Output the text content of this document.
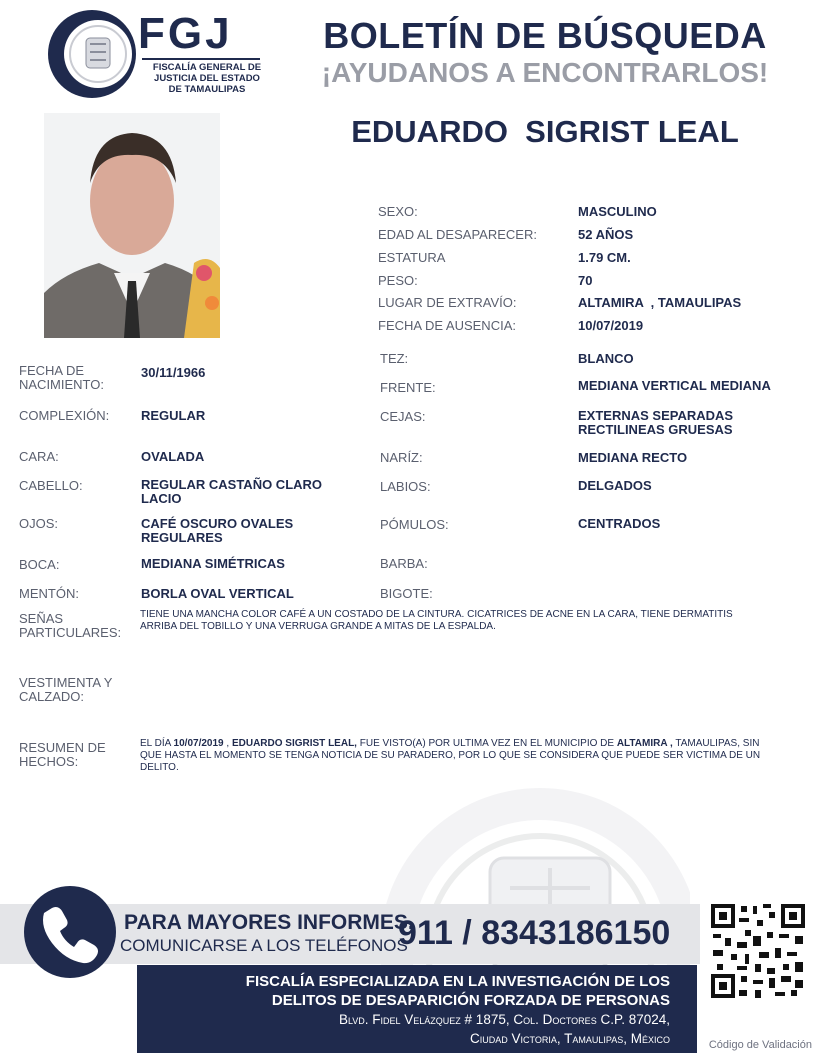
FGJ
FISCALÍA GENERAL DE
JUSTICIA DEL ESTADO
DE TAMAULIPAS
BOLETÍN DE BÚSQUEDA
¡AYUDANOS A ENCONTRARLOS!
EDUARDO  SIGRIST LEAL
SEXO:	MASCULINO
EDAD AL DESAPARECER:	52 AÑOS
ESTATURA	1.79 CM.
PESO:	70
LUGAR DE EXTRAVÍO:	ALTAMIRA  , TAMAULIPAS
FECHA DE AUSENCIA:	10/07/2019
FECHA DE
NACIMIENTO:
30/11/1966
COMPLEXIÓN: REGULAR
CARA:	OVALADA
CABELLO:	REGULAR CASTAÑO CLARO
LACIO
OJOS:	CAFÉ OSCURO OVALES
REGULARES
BOCA:	MEDIANA SIMÉTRICAS
MENTÓN:	BORLA OVAL VERTICAL
TEZ:	BLANCO
FRENTE:	MEDIANA VERTICAL MEDIANA
CEJAS:	EXTERNAS SEPARADAS
RECTILINEAS GRUESAS
NARÍZ:	MEDIANA RECTO
LABIOS:	DELGADOS
PÓMULOS:	CENTRADOS
BARBA:
BIGOTE:
SEÑAS
PARTICULARES:
TIENE UNA MANCHA COLOR CAFÉ A UN COSTADO DE LA CINTURA. CICATRICES DE ACNE EN LA CARA, TIENE DERMATITIS ARRIBA DEL TOBILLO Y UNA VERRUGA GRANDE A MITAS DE LA ESPALDA.
VESTIMENTA Y
CALZADO:
RESUMEN DE
HECHOS:
EL DÍA 10/07/2019 , EDUARDO SIGRIST LEAL, FUE VISTO(A) POR ULTIMA VEZ EN EL MUNICIPIO DE ALTAMIRA , TAMAULIPAS, SIN QUE HASTA EL MOMENTO SE TENGA NOTICIA DE SU PARADERO, POR LO QUE SE CONSIDERA QUE PUEDE SER VICTIMA DE UN DELITO.
PARA MAYORES INFORMES,
COMUNICARSE A LOS TELÉFONOS
911 / 8343186150
FISCALÍA ESPECIALIZADA EN LA INVESTIGACIÓN DE LOS
DELITOS DE DESAPARICIÓN FORZADA DE PERSONAS
Blvd. Fidel Velázquez # 1875, Col. Doctores C.P. 87024,
Ciudad Victoria, Tamaulipas, México	Código de Validación
